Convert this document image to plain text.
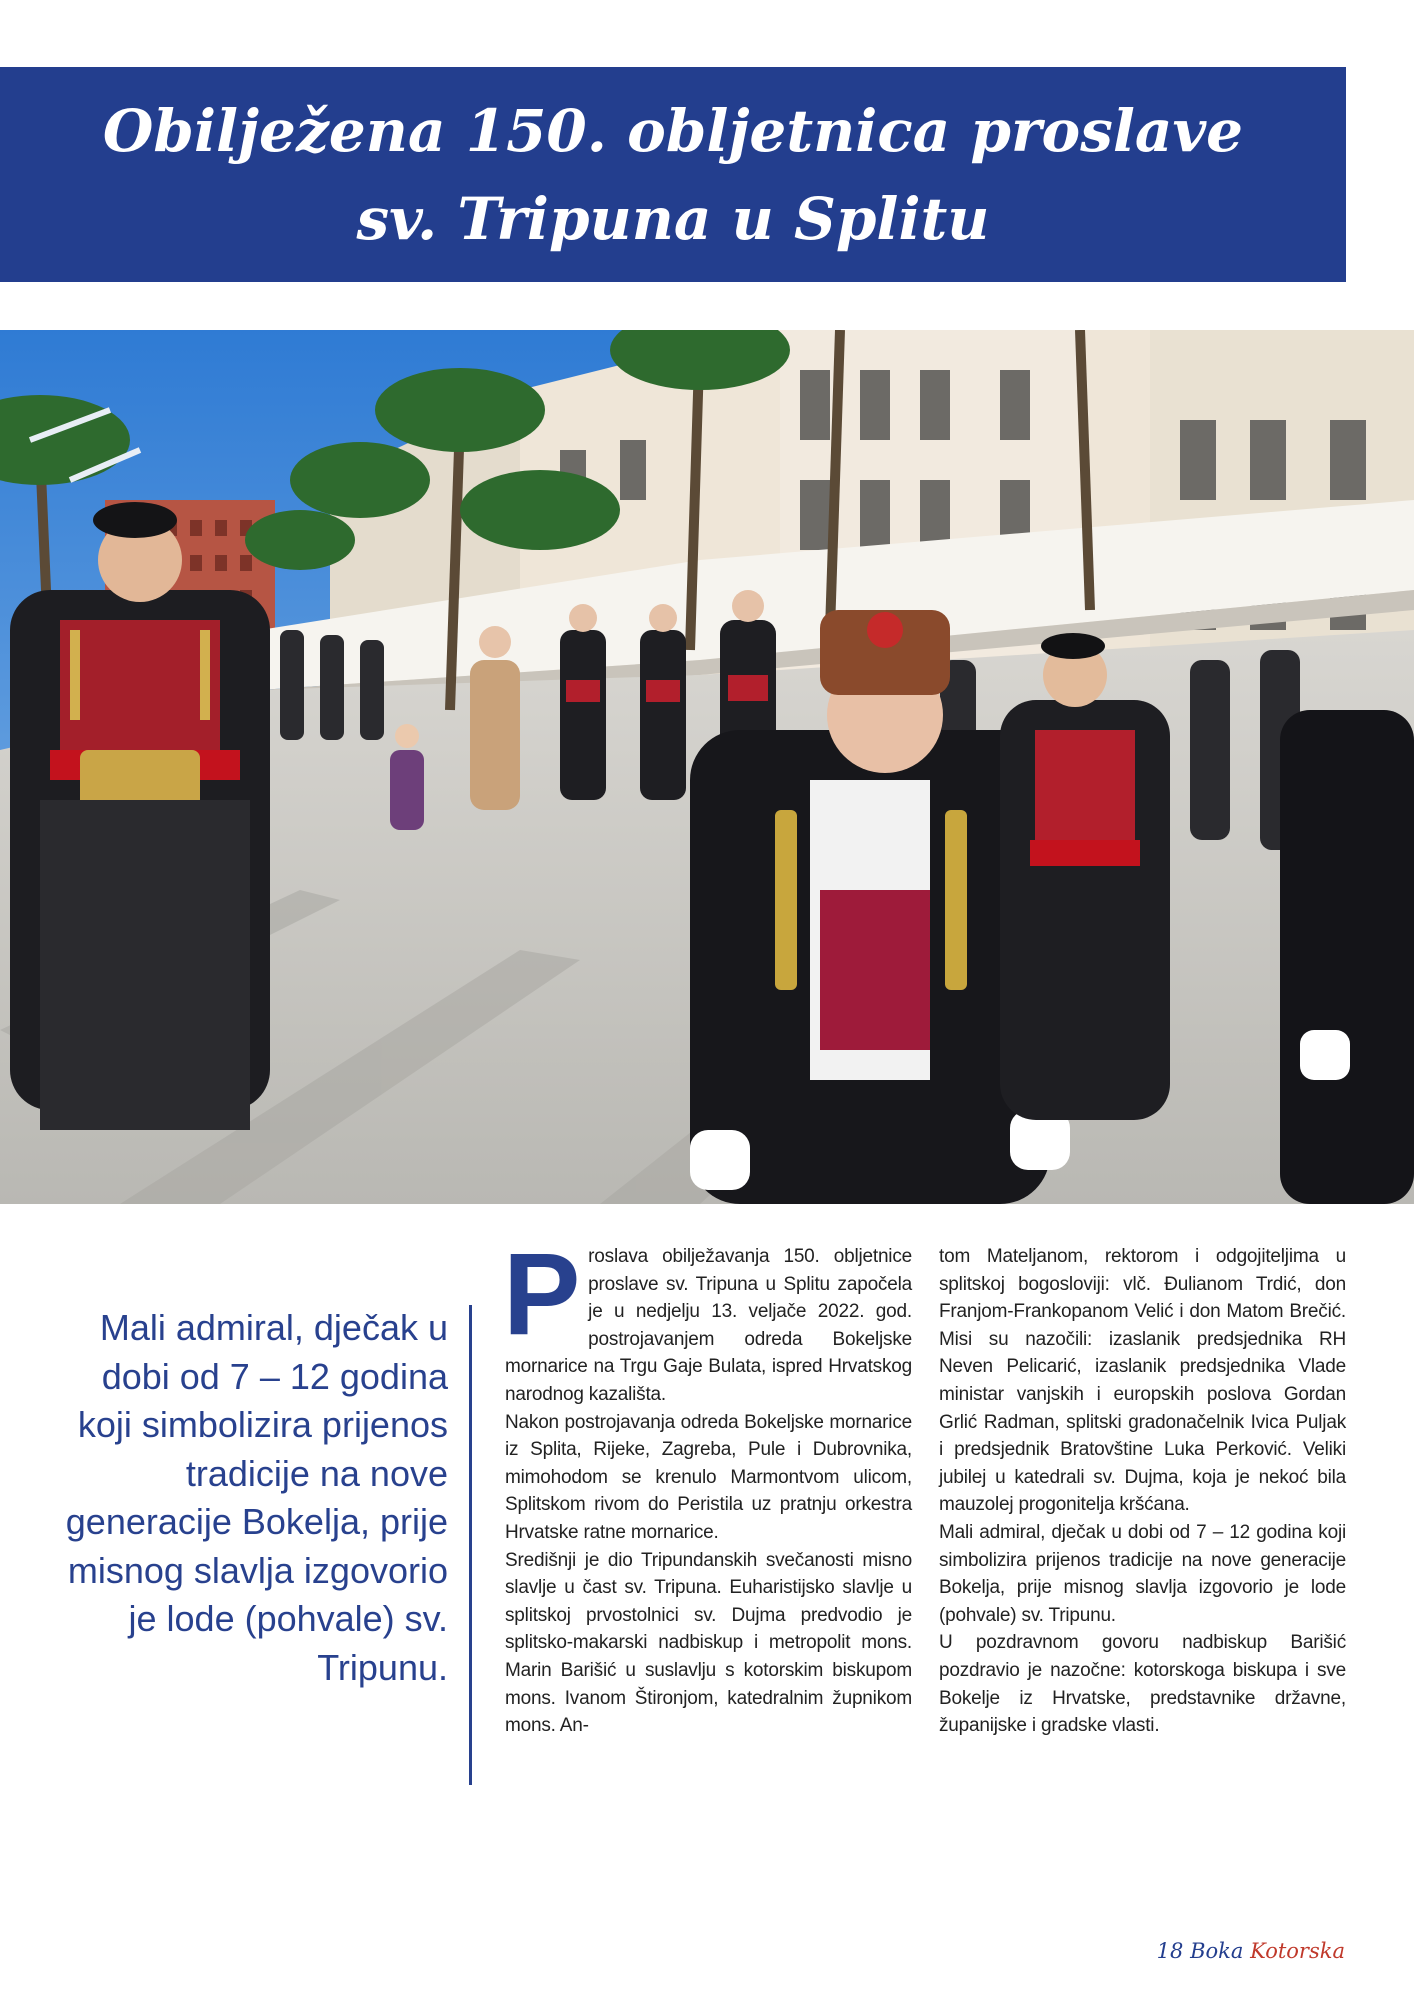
Obilježena 150. obljetnica proslave
sv. Tripuna u Splitu
Mali admiral, dječak u dobi od 7 – 12 godina koji simbolizira prijenos tradicije na nove generacije Bokelja, prije misnog slavlja izgovorio je lode (pohvale) sv. Tripunu.

Proslava obilježavanja 150. obljetnice proslave sv. Tripuna u Splitu započela je u nedjelju 13. veljače 2022. god. postrojavanjem odreda Bokeljske mornarice na Trgu Gaje Bulata, ispred Hrvatskog narodnog kazališta.

Nakon postrojavanja odreda Bokeljske mornarice iz Splita, Rijeke, Zagreba, Pule i Dubrovnika, mimohodom se krenulo Marmontvom ulicom, Splitskom rivom do Peristila uz pratnju orkestra Hrvatske ratne mornarice.

Središnji je dio Tripundanskih svečanosti misno slavlje u čast sv. Tripuna. Euharistijsko slavlje u splitskoj prvostolnici sv. Dujma predvodio je splitsko-makarski nadbiskup i metropolit mons. Marin Barišić u suslavlju s kotorskim biskupom mons. Ivanom Štironjom, katedralnim župnikom mons. An-

tom Mateljanom, rektorom i odgojiteljima u splitskoj bogosloviji: vlč. Đulianom Trdić, don Franjom-Frankopanom Velić i don Matom Brečić. Misi su nazočili: izaslanik predsjednika RH Neven Pelicarić, izaslanik predsjednika Vlade ministar vanjskih i europskih poslova Gordan Grlić Radman, splitski gradonačelnik Ivica Puljak i predsjednik Bratovštine Luka Perković. Veliki jubilej u katedrali sv. Dujma, koja je nekoć bila mauzolej progonitelja kršćana.

Mali admiral, dječak u dobi od 7 – 12 godina koji simbolizira prijenos tradicije na nove generacije Bokelja, prije misnog slavlja izgovorio je lode (pohvale) sv. Tripunu.

U pozdravnom govoru nadbiskup Barišić pozdravio je nazočne: kotorskoga biskupa i sve Bokelje iz Hrvatske, predstavnike državne, županijske i gradske vlasti.

18 Boka Kotorska
